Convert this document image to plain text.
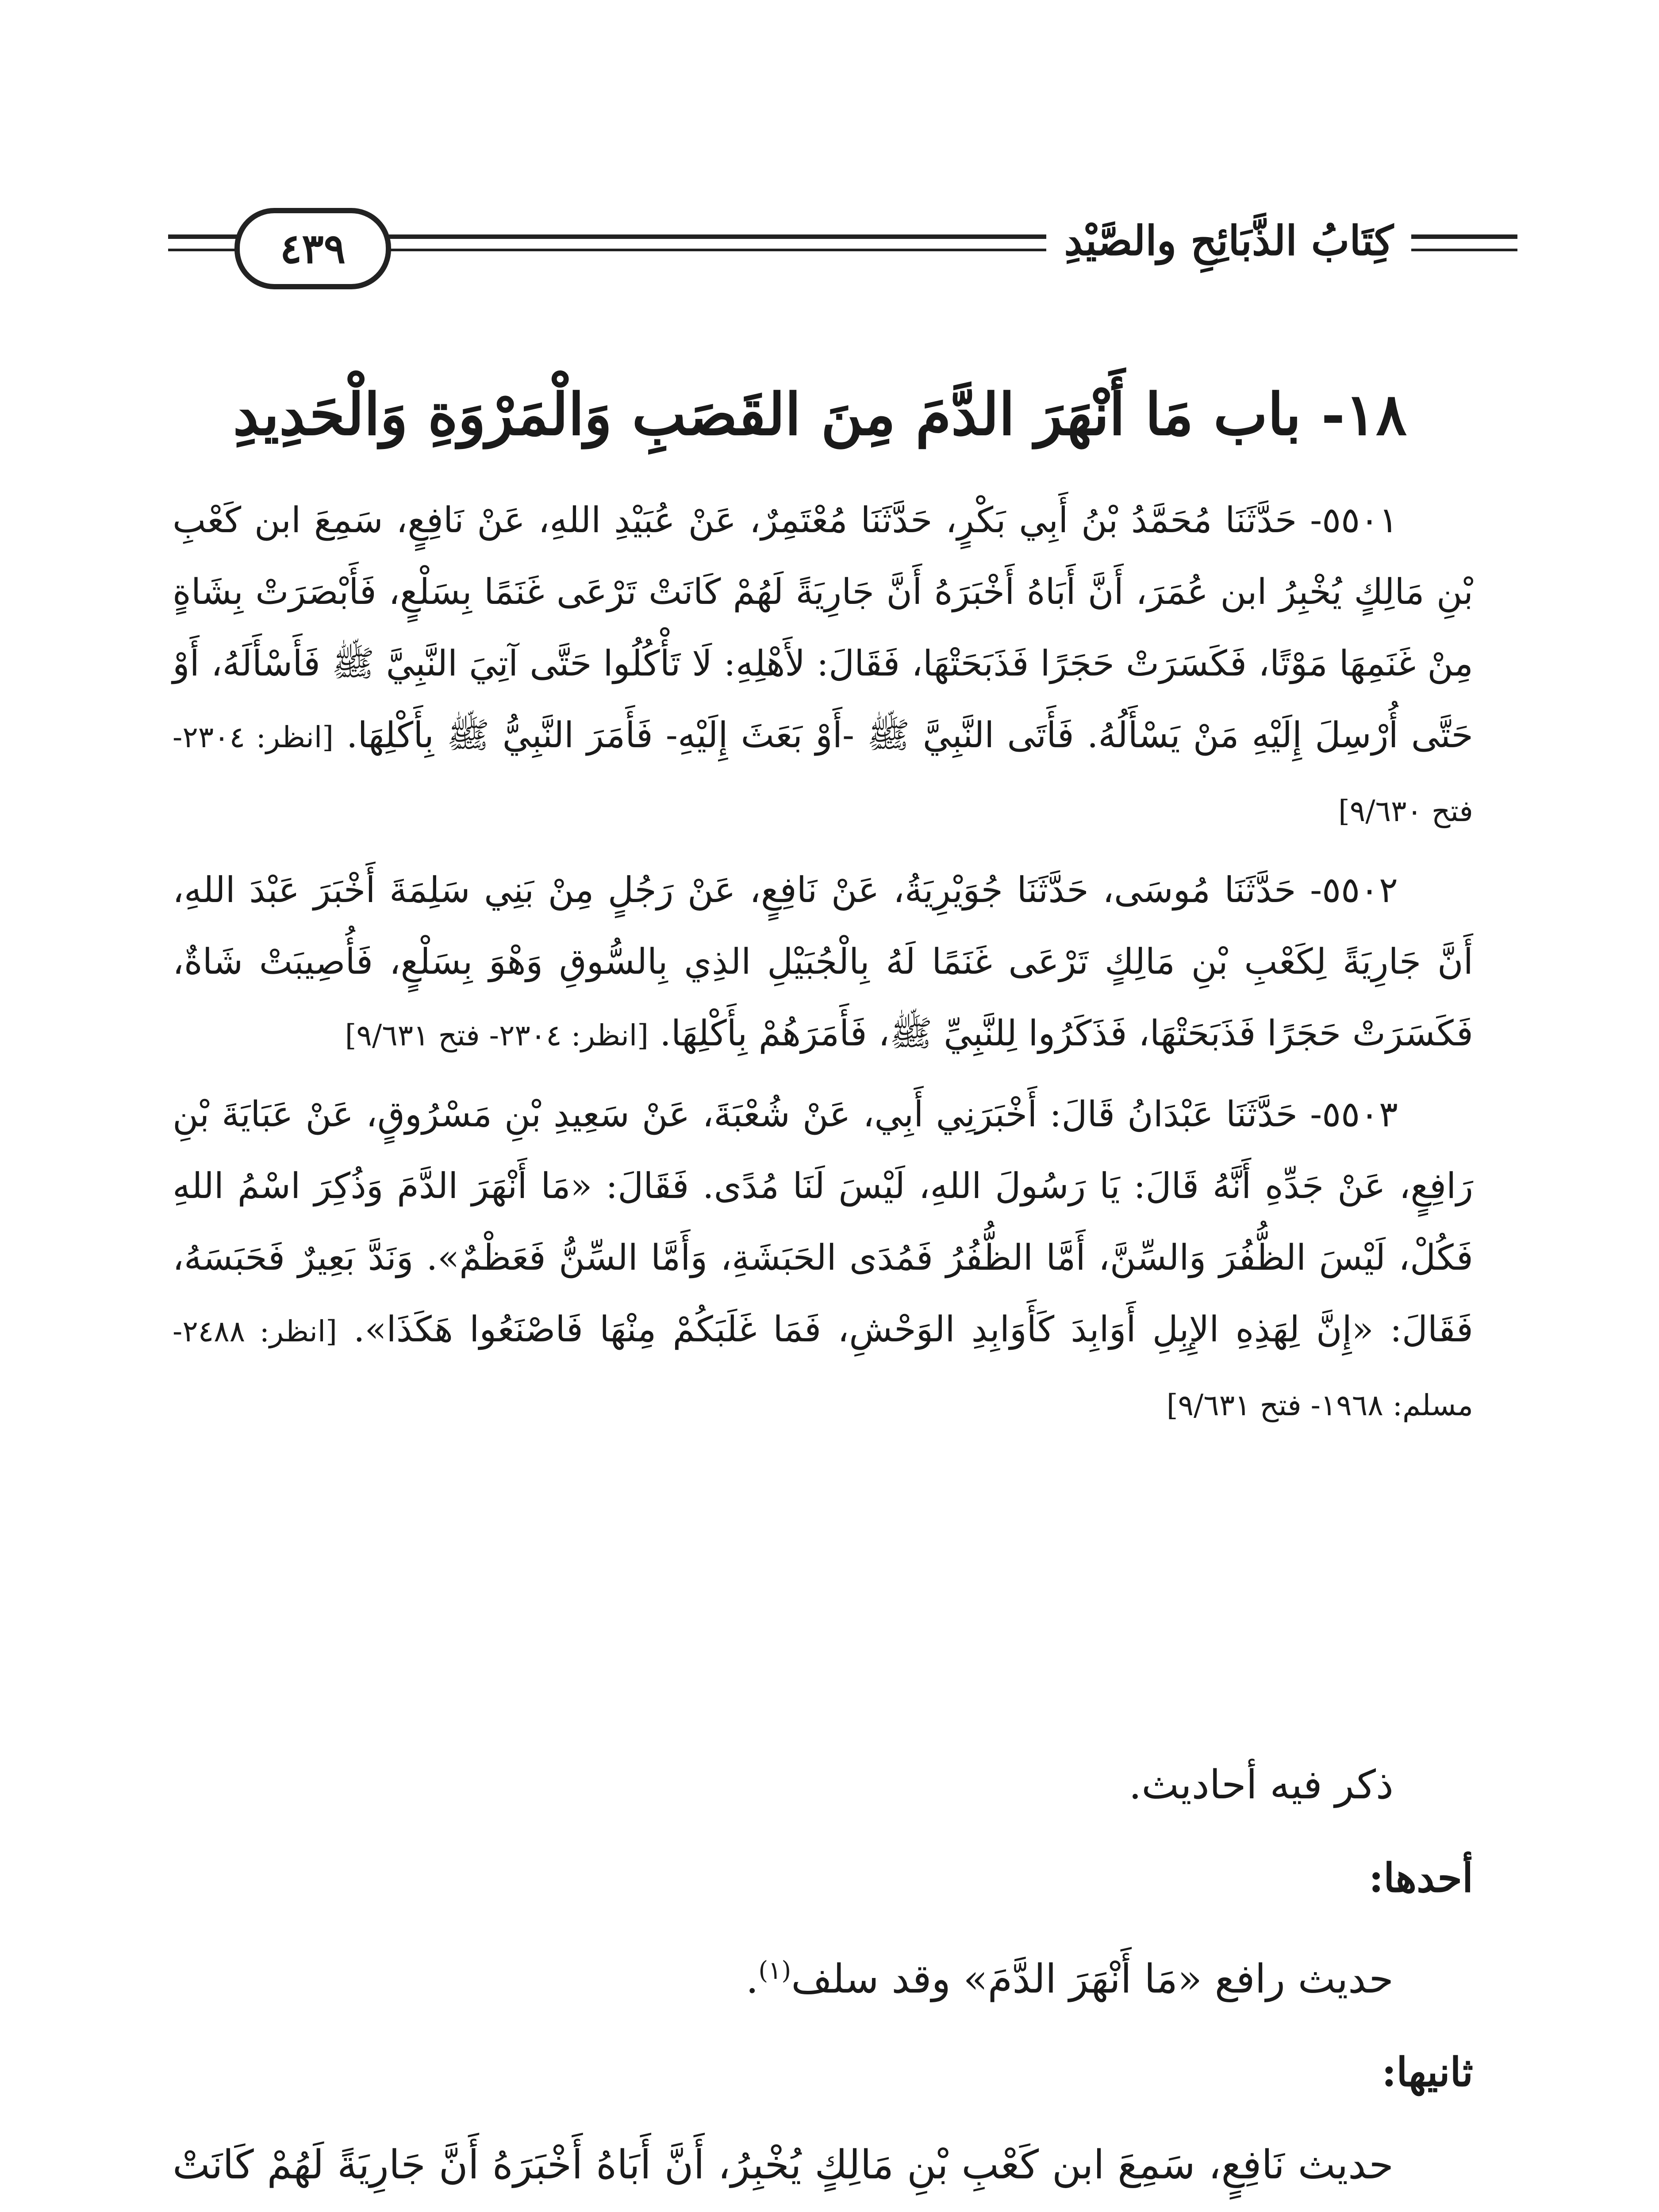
٤٣٩	كِتَابُ الذَّبَائِحِ والصَّيْدِ
١٨- باب مَا أَنْهَرَ الدَّمَ مِنَ القَصَبِ وَالْمَرْوَةِ وَالْحَدِيدِ

٥٥٠١- حَدَّثَنَا مُحَمَّدُ بْنُ أَبِي بَكْرٍ، حَدَّثَنَا مُعْتَمِرٌ، عَنْ عُبَيْدِ اللهِ، عَنْ نَافِعٍ، سَمِعَ ابن كَعْبِ بْنِ مَالِكٍ يُخْبِرُ ابن عُمَرَ، أَنَّ أَبَاهُ أَخْبَرَهُ أَنَّ جَارِيَةً لَهُمْ كَانَتْ تَرْعَى غَنَمًا بِسَلْعٍ، فَأَبْصَرَتْ بِشَاةٍ مِنْ غَنَمِهَا مَوْتًا، فَكَسَرَتْ حَجَرًا فَذَبَحَتْهَا، فَقَالَ: لأَهْلِهِ: لَا تَأْكُلُوا حَتَّى آتِيَ النَّبِيَّ ﷺ فَأَسْأَلَهُ، أَوْ حَتَّى أُرْسِلَ إِلَيْهِ مَنْ يَسْأَلُهُ. فَأَتَى النَّبِيَّ ﷺ -أَوْ بَعَثَ إِلَيْهِ- فَأَمَرَ النَّبِيُّ ﷺ بِأَكْلِهَا. [انظر: ٢٣٠٤- فتح ٩/٦٣٠]

٥٥٠٢- حَدَّثَنَا مُوسَى، حَدَّثَنَا جُوَيْرِيَةُ، عَنْ نَافِعٍ، عَنْ رَجُلٍ مِنْ بَنِي سَلِمَةَ أَخْبَرَ عَبْدَ اللهِ، أَنَّ جَارِيَةً لِكَعْبِ بْنِ مَالِكٍ تَرْعَى غَنَمًا لَهُ بِالْجُبَيْلِ الذِي بِالسُّوقِ وَهْوَ بِسَلْعٍ، فَأُصِيبَتْ شَاةٌ، فَكَسَرَتْ حَجَرًا فَذَبَحَتْهَا، فَذَكَرُوا لِلنَّبِيِّ ﷺ، فَأَمَرَهُمْ بِأَكْلِهَا. [انظر: ٢٣٠٤- فتح ٩/٦٣١]

٥٥٠٣- حَدَّثَنَا عَبْدَانُ قَالَ: أَخْبَرَنِي أَبِي، عَنْ شُعْبَةَ، عَنْ سَعِيدِ بْنِ مَسْرُوقٍ، عَنْ عَبَايَةَ بْنِ رَافِعٍ، عَنْ جَدِّهِ أَنَّهُ قَالَ: يَا رَسُولَ اللهِ، لَيْسَ لَنَا مُدًى. فَقَالَ: «مَا أَنْهَرَ الدَّمَ وَذُكِرَ اسْمُ اللهِ فَكُلْ، لَيْسَ الظُّفُرَ وَالسِّنَّ، أَمَّا الظُّفُرُ فَمُدَى الحَبَشَةِ، وَأَمَّا السِّنُّ فَعَظْمٌ». وَنَدَّ بَعِيرٌ فَحَبَسَهُ، فَقَالَ: «إِنَّ لِهَذِهِ الإِبِلِ أَوَابِدَ كَأَوَابِدِ الوَحْشِ، فَمَا غَلَبَكُمْ مِنْهَا فَاصْنَعُوا هَكَذَا». [انظر: ٢٤٨٨- مسلم: ١٩٦٨- فتح ٩/٦٣١]

ذكر فيه أحاديث.

أحدها:

حديث رافع «مَا أَنْهَرَ الدَّمَ» وقد سلف$^{(١)}$.

ثانيها:

حديث نَافِعٍ، سَمِعَ ابن كَعْبِ بْنِ مَالِكٍ يُخْبِرُ، أَنَّ أَبَاهُ أَخْبَرَهُ أَنَّ جَارِيَةً لَهُمْ كَانَتْ
